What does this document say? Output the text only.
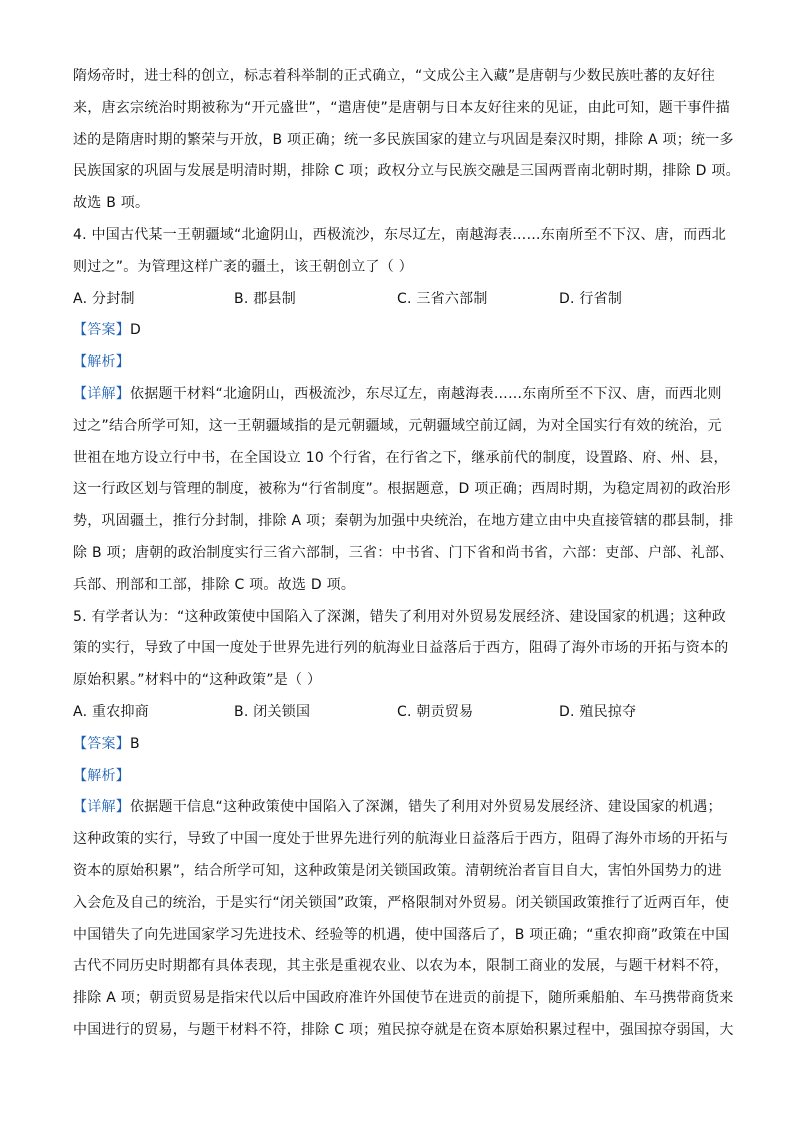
隋炀帝时，进士科的创立，标志着科举制的正式确立，“文成公主入藏”是唐朝与少数民族吐蕃的友好往
来，唐玄宗统治时期被称为“开元盛世”，“遣唐使”是唐朝与日本友好往来的见证，由此可知，题干事件描
述的是隋唐时期的繁荣与开放，B 项正确；统一多民族国家的建立与巩固是秦汉时期，排除 A 项；统一多
民族国家的巩固与发展是明清时期，排除 C 项；政权分立与民族交融是三国两晋南北朝时期，排除 D 项。
故选 B 项。
4. 中国古代某一王朝疆域“北逾阴山，西极流沙，东尽辽左，南越海表……东南所至不下汉、唐，而西北
则过之”。为管理这样广袤的疆土，该王朝创立了（ ）
A. 分封制	B. 郡县制	C. 三省六部制	D. 行省制
【答案】D
【解析】
【详解】依据题干材料“北逾阴山，西极流沙，东尽辽左，南越海表……东南所至不下汉、唐，而西北则
过之”结合所学可知，这一王朝疆域指的是元朝疆域，元朝疆域空前辽阔，为对全国实行有效的统治，元
世祖在地方设立行中书，在全国设立 10 个行省，在行省之下，继承前代的制度，设置路、府、州、县，
这一行政区划与管理的制度，被称为“行省制度”。根据题意，D 项正确；西周时期，为稳定周初的政治形
势，巩固疆土，推行分封制，排除 A 项；秦朝为加强中央统治，在地方建立由中央直接管辖的郡县制，排
除 B 项；唐朝的政治制度实行三省六部制，三省：中书省、门下省和尚书省，六部：吏部、户部、礼部、
兵部、刑部和工部，排除 C 项。故选 D 项。
5. 有学者认为：“这种政策使中国陷入了深渊，错失了利用对外贸易发展经济、建设国家的机遇；这种政
策的实行，导致了中国一度处于世界先进行列的航海业日益落后于西方，阻碍了海外市场的开拓与资本的
原始积累。”材料中的“这种政策”是（ ）
A. 重农抑商	B. 闭关锁国	C. 朝贡贸易	D. 殖民掠夺
【答案】B
【解析】
【详解】依据题干信息“这种政策使中国陷入了深渊，错失了利用对外贸易发展经济、建设国家的机遇；
这种政策的实行，导致了中国一度处于世界先进行列的航海业日益落后于西方，阻碍了海外市场的开拓与
资本的原始积累”，结合所学可知，这种政策是闭关锁国政策。清朝统治者盲目自大，害怕外国势力的进
入会危及自己的统治，于是实行“闭关锁国”政策，严格限制对外贸易。闭关锁国政策推行了近两百年，使
中国错失了向先进国家学习先进技术、经验等的机遇，使中国落后了，B 项正确；“重农抑商”政策在中国
古代不同历史时期都有具体表现，其主张是重视农业、以农为本，限制工商业的发展，与题干材料不符，
排除 A 项；朝贡贸易是指宋代以后中国政府准许外国使节在进贡的前提下，随所乘船舶、车马携带商货来
中国进行的贸易，与题干材料不符，排除 C 项；殖民掠夺就是在资本原始积累过程中，强国掠夺弱国，大
